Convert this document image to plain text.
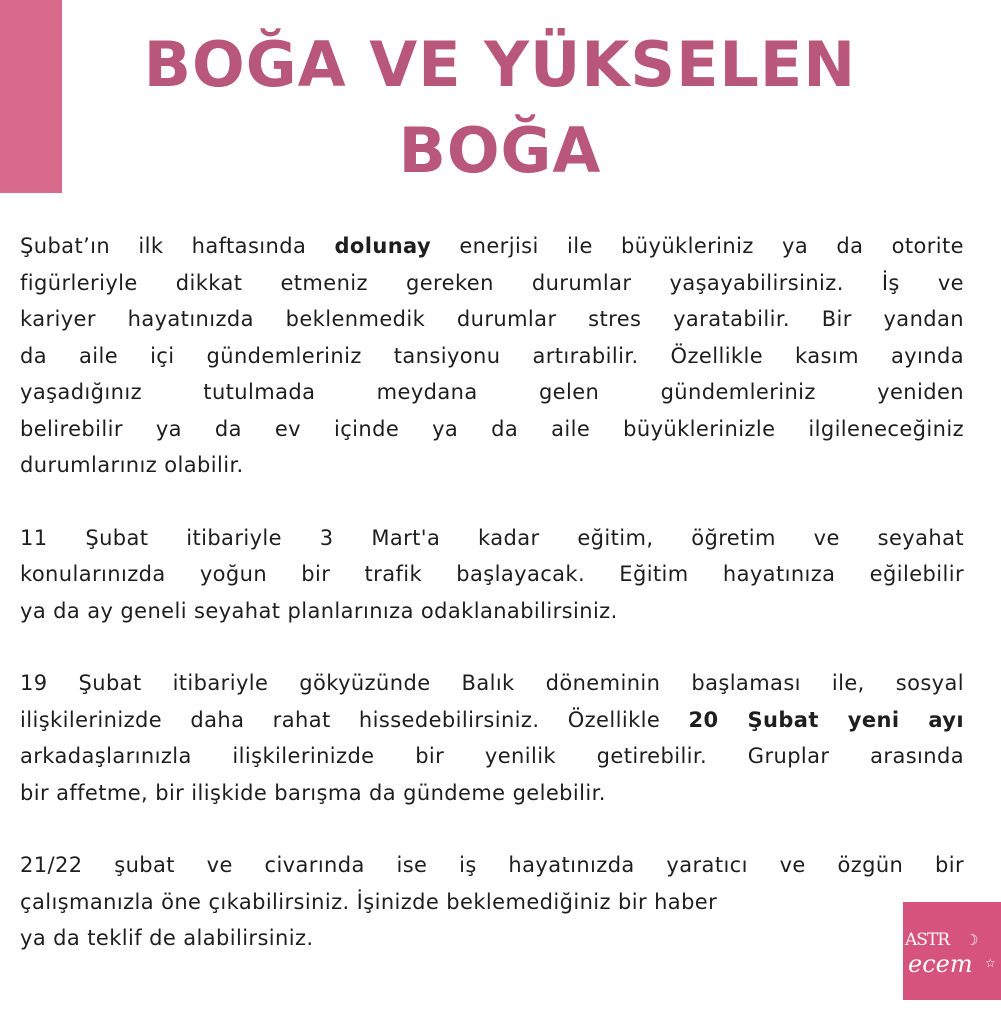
BOĞA VE YÜKSELEN
BOĞA

Şubat’ın ilk haftasında dolunay enerjisi ile büyükleriniz ya da otorite
figürleriyle dikkat etmeniz gereken durumlar yaşayabilirsiniz. İş ve
kariyer hayatınızda beklenmedik durumlar stres yaratabilir. Bir yandan
da aile içi gündemleriniz tansiyonu artırabilir. Özellikle kasım ayında
yaşadığınız tutulmada meydana gelen gündemleriniz yeniden
belirebilir ya da ev içinde ya da aile büyüklerinizle ilgileneceğiniz
durumlarınız olabilir.

11 Şubat itibariyle 3 Mart'a kadar eğitim, öğretim ve seyahat
konularınızda yoğun bir trafik başlayacak. Eğitim hayatınıza eğilebilir
ya da ay geneli seyahat planlarınıza odaklanabilirsiniz.

19 Şubat itibariyle gökyüzünde Balık döneminin başlaması ile, sosyal
ilişkilerinizde daha rahat hissedebilirsiniz. Özellikle 20 Şubat yeni ayı
arkadaşlarınızla ilişkilerinizde bir yenilik getirebilir. Gruplar arasında
bir affetme, bir ilişkide barışma da gündeme gelebilir.

21/22 şubat ve civarında ise iş hayatınızda yaratıcı ve özgün bir
çalışmanızla öne çıkabilirsiniz. İşinizde beklemediğiniz bir haber
ya da teklif de alabilirsiniz.	ASTR ☽
ecem ☆
